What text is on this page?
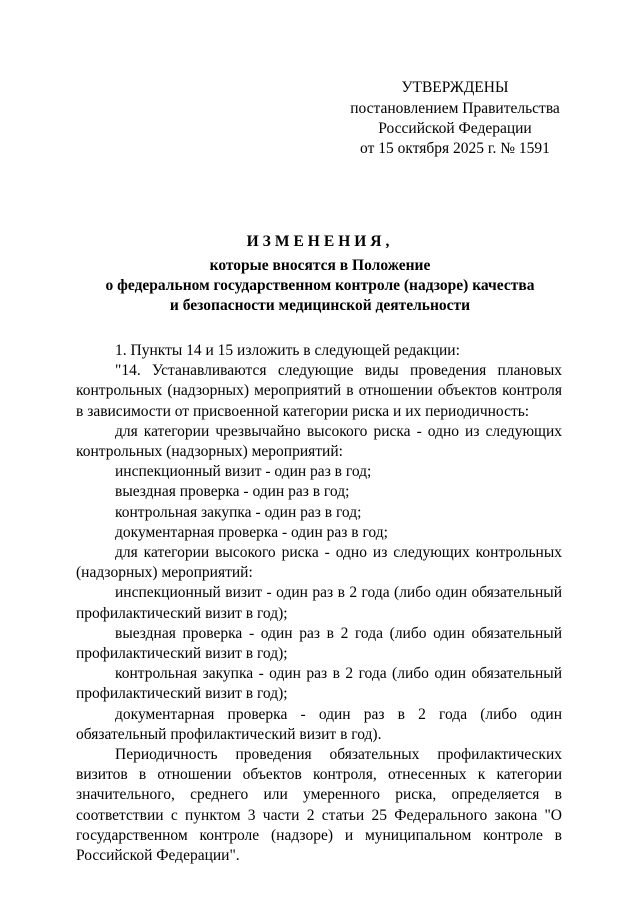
УТВЕРЖДЕНЫ
постановлением Правительства
Российской Федерации
от 15 октября 2025 г. № 1591
ИЗМЕНЕНИЯ,
которые вносятся в Положение
о федеральном государственном контроле (надзоре) качества
и безопасности медицинской деятельности

1. Пункты 14 и 15 изложить в следующей редакции:

"14. Устанавливаются следующие виды проведения плановых контрольных (надзорных) мероприятий в отношении объектов контроля в зависимости от присвоенной категории риска и их периодичность:

для категории чрезвычайно высокого риска - одно из следующих контрольных (надзорных) мероприятий:

инспекционный визит - один раз в год;

выездная проверка - один раз в год;

контрольная закупка - один раз в год;

документарная проверка - один раз в год;

для категории высокого риска - одно из следующих контрольных (надзорных) мероприятий:

инспекционный визит - один раз в 2 года (либо один обязательный профилактический визит в год);

выездная проверка - один раз в 2 года (либо один обязательный профилактический визит в год);

контрольная закупка - один раз в 2 года (либо один обязательный профилактический визит в год);

документарная проверка - один раз в 2 года (либо один обязательный профилактический визит в год).

Периодичность проведения обязательных профилактических визитов в отношении объектов контроля, отнесенных к категории значительного, среднего или умеренного риска, определяется в соответствии с пунктом 3 части 2 статьи 25 Федерального закона "О государственном контроле (надзоре) и муниципальном контроле в Российской Федерации".
